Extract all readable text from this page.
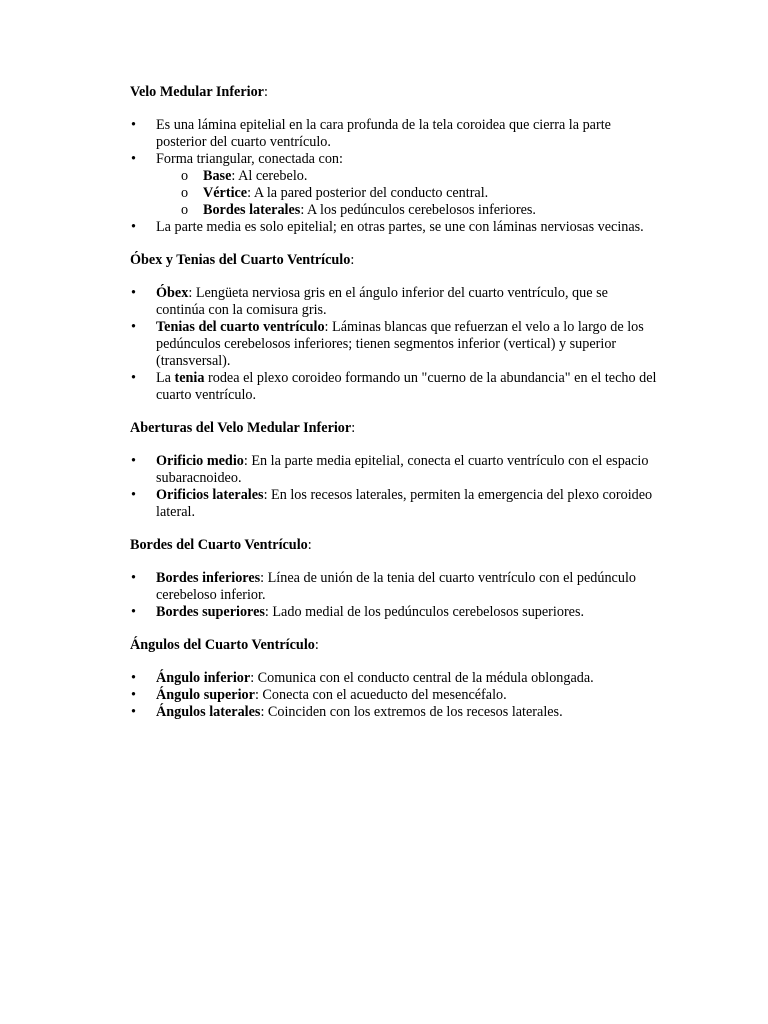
Velo Medular Inferior:

• Es una lámina epitelial en la cara profunda de la tela coroidea que cierra la parte posterior del cuarto ventrículo.
• Forma triangular, conectada con:
o Base: Al cerebelo.
o Vértice: A la pared posterior del conducto central.
o Bordes laterales: A los pedúnculos cerebelosos inferiores.
• La parte media es solo epitelial; en otras partes, se une con láminas nerviosas vecinas.

Óbex y Tenias del Cuarto Ventrículo:

• Óbex: Lengüeta nerviosa gris en el ángulo inferior del cuarto ventrículo, que se continúa con la comisura gris.
• Tenias del cuarto ventrículo: Láminas blancas que refuerzan el velo a lo largo de los pedúnculos cerebelosos inferiores; tienen segmentos inferior (vertical) y superior (transversal).
• La tenia rodea el plexo coroideo formando un "cuerno de la abundancia" en el techo del cuarto ventrículo.

Aberturas del Velo Medular Inferior:

• Orificio medio: En la parte media epitelial, conecta el cuarto ventrículo con el espacio subaracnoideo.
• Orificios laterales: En los recesos laterales, permiten la emergencia del plexo coroideo lateral.

Bordes del Cuarto Ventrículo:

• Bordes inferiores: Línea de unión de la tenia del cuarto ventrículo con el pedúnculo cerebeloso inferior.
• Bordes superiores: Lado medial de los pedúnculos cerebelosos superiores.

Ángulos del Cuarto Ventrículo:

• Ángulo inferior: Comunica con el conducto central de la médula oblongada.
• Ángulo superior: Conecta con el acueducto del mesencéfalo.
• Ángulos laterales: Coinciden con los extremos de los recesos laterales.
